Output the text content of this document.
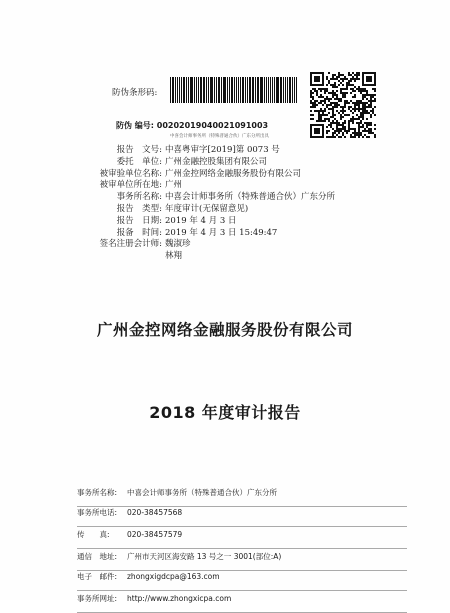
防伪条形码:
防伪 编号: 00202019040021091003
中喜会计师事务所（特殊普通合伙）广东分所出具
报告　文号: 中喜粤审字[2019]第 0073 号
委托　单位: 广州金融控股集团有限公司
被审验单位名称: 广州金控网络金融服务股份有限公司
被审单位所在地: 广州
事务所名称: 中喜会计师事务所（特殊普通合伙）广东分所
报告　类型: 年度审计(无保留意见)
报告　日期: 2019 年 4 月 3 日
报备　时间: 2019 年 4 月 3 日 15:49:47
签名注册会计师: 魏淑珍
林翔
广州金控网络金融服务股份有限公司
2018 年度审计报告
事务所名称: 中喜会计师事务所（特殊普通合伙）广东分所
事务所电话: 020-38457568
传　　真: 020-38457579
通信　地址: 广州市天河区海安路 13 号之一 3001(部位:A)
电子　邮件: zhongxigdcpa@163.com
事务所网址: http://www.zhongxicpa.com
